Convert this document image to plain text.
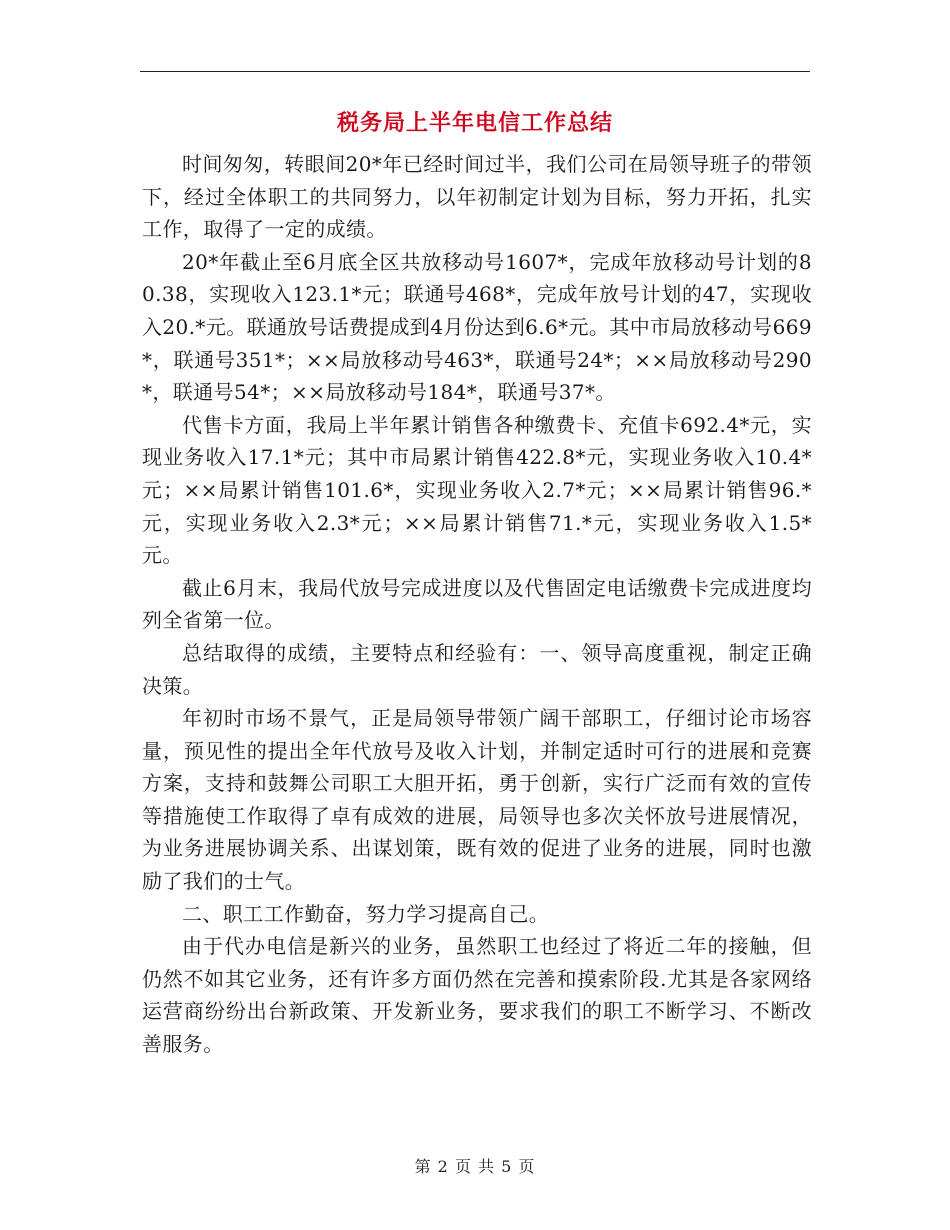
税务局上半年电信工作总结

时间匆匆，转眼间20*年已经时间过半，我们公司在局领导班子的带领下，经过全体职工的共同努力，以年初制定计划为目标，努力开拓，扎实工作，取得了一定的成绩。

20*年截止至6月底全区共放移动号1607*，完成年放移动号计划的80.38，实现收入123.1*元；联通号468*，完成年放号计划的47，实现收入20.*元。联通放号话费提成到4月份达到6.6*元。其中市局放移动号669*，联通号351*；××局放移动号463*，联通号24*；××局放移动号290*，联通号54*；××局放移动号184*，联通号37*。

代售卡方面，我局上半年累计销售各种缴费卡、充值卡692.4*元，实现业务收入17.1*元；其中市局累计销售422.8*元，实现业务收入10.4*元；××局累计销售101.6*，实现业务收入2.7*元；××局累计销售96.*元，实现业务收入2.3*元；××局累计销售71.*元，实现业务收入1.5*元。

截止6月末，我局代放号完成进度以及代售固定电话缴费卡完成进度均列全省第一位。

总结取得的成绩，主要特点和经验有：一、领导高度重视，制定正确决策。

年初时市场不景气，正是局领导带领广阔干部职工，仔细讨论市场容量，预见性的提出全年代放号及收入计划，并制定适时可行的进展和竞赛方案，支持和鼓舞公司职工大胆开拓，勇于创新，实行广泛而有效的宣传等措施使工作取得了卓有成效的进展，局领导也多次关怀放号进展情况，为业务进展协调关系、出谋划策，既有效的促进了业务的进展，同时也激励了我们的士气。

二、职工工作勤奋，努力学习提高自己。

由于代办电信是新兴的业务，虽然职工也经过了将近二年的接触，但仍然不如其它业务，还有许多方面仍然在完善和摸索阶段.尤其是各家网络运营商纷纷出台新政策、开发新业务，要求我们的职工不断学习、不断改善服务。

第 2 页 共 5 页
